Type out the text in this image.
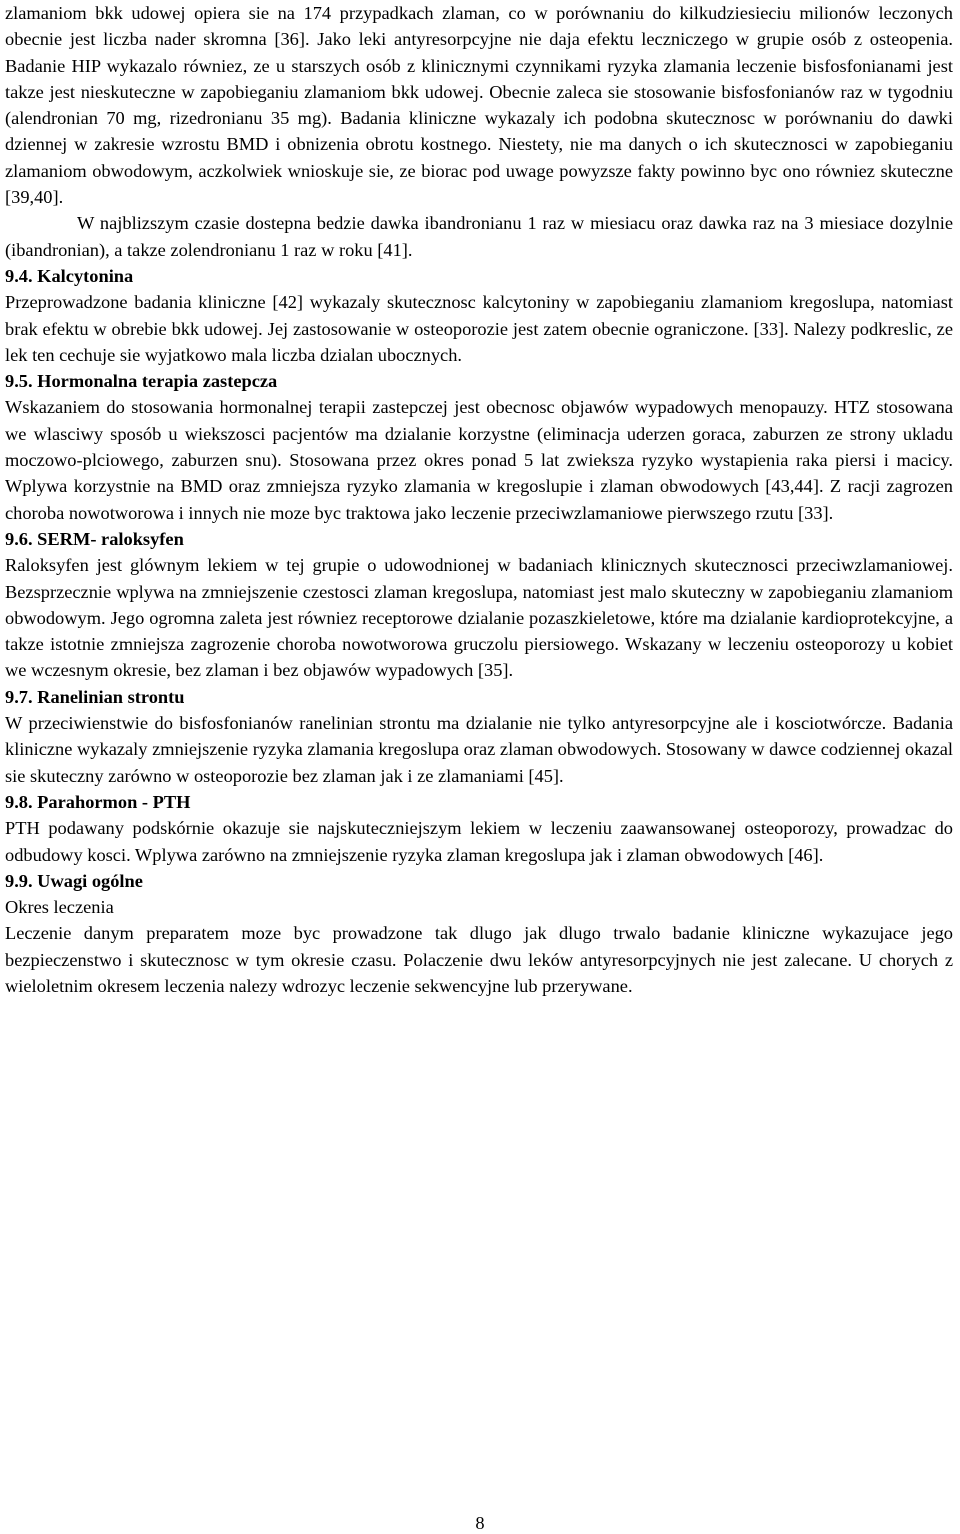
zlamaniom bkk udowej opiera sie na 174 przypadkach zlaman, co w porównaniu do kilkudziesieciu milionów leczonych obecnie jest liczba nader skromna [36]. Jako leki antyresorpcyjne nie daja efektu leczniczego w grupie osób z osteopenia. Badanie HIP wykazalo równiez, ze u starszych osób z klinicznymi czynnikami ryzyka zlamania leczenie bisfosfonianami jest takze jest nieskuteczne w zapobieganiu zlamaniom bkk udowej. Obecnie zaleca sie stosowanie bisfosfonianów raz w tygodniu (alendronian 70 mg, rizedronianu 35 mg). Badania kliniczne wykazaly ich podobna skutecznosc w porównaniu do dawki dziennej w zakresie wzrostu BMD i obnizenia obrotu kostnego. Niestety, nie ma danych o ich skutecznosci w zapobieganiu zlamaniom obwodowym, aczkolwiek wnioskuje sie, ze biorac pod uwage powyzsze fakty powinno byc ono równiez skuteczne [39,40].

W najblizszym czasie dostepna bedzie dawka ibandronianu 1 raz w miesiacu oraz dawka raz na 3 miesiace dozylnie (ibandronian), a takze zolendronianu 1 raz w roku [41].

9.4. Kalcytonina

Przeprowadzone badania kliniczne [42] wykazaly skutecznosc kalcytoniny w zapobieganiu zlamaniom kregoslupa, natomiast brak efektu w obrebie bkk udowej. Jej zastosowanie w osteoporozie jest zatem obecnie ograniczone. [33]. Nalezy podkreslic, ze lek ten cechuje sie wyjatkowo mala liczba dzialan ubocznych.

9.5. Hormonalna terapia zastepcza

Wskazaniem do stosowania hormonalnej terapii zastepczej jest obecnosc objawów wypadowych menopauzy. HTZ stosowana we wlasciwy sposób u wiekszosci pacjentów ma dzialanie korzystne (eliminacja uderzen goraca, zaburzen ze strony ukladu moczowo-plciowego, zaburzen snu). Stosowana przez okres ponad 5 lat zwieksza ryzyko wystapienia raka piersi i macicy. Wplywa korzystnie na BMD oraz zmniejsza ryzyko zlamania w kregoslupie i zlaman obwodowych [43,44]. Z racji zagrozen choroba nowotworowa i innych nie moze byc traktowa jako leczenie przeciwzlamaniowe pierwszego rzutu [33].

9.6. SERM- raloksyfen

Raloksyfen jest glównym lekiem w tej grupie o udowodnionej w badaniach klinicznych skutecznosci przeciwzlamaniowej. Bezsprzecznie wplywa na zmniejszenie czestosci zlaman kregoslupa, natomiast jest malo skuteczny w zapobieganiu zlamaniom obwodowym. Jego ogromna zaleta jest równiez receptorowe dzialanie pozaszkieletowe, które ma dzialanie kardioprotekcyjne, a takze istotnie zmniejsza zagrozenie choroba nowotworowa gruczolu piersiowego. Wskazany w leczeniu osteoporozy u kobiet we wczesnym okresie, bez zlaman i bez objawów wypadowych [35].

9.7. Ranelinian strontu

W przeciwienstwie do bisfosfonianów ranelinian strontu ma dzialanie nie tylko antyresorpcyjne ale i kosciotwórcze. Badania kliniczne wykazaly zmniejszenie ryzyka zlamania kregoslupa oraz zlaman obwodowych. Stosowany w dawce codziennej okazal sie skuteczny zarówno w osteoporozie bez zlaman jak i ze zlamaniami [45].

9.8. Parahormon - PTH

PTH podawany podskórnie okazuje sie najskuteczniejszym lekiem w leczeniu zaawansowanej osteoporozy, prowadzac do odbudowy kosci. Wplywa zarówno na zmniejszenie ryzyka zlaman kregoslupa jak i zlaman obwodowych [46].

9.9. Uwagi ogólne
Okres leczenia

Leczenie danym preparatem moze byc prowadzone tak dlugo jak dlugo trwalo badanie kliniczne wykazujace jego bezpieczenstwo i skutecznosc w tym okresie czasu. Polaczenie dwu leków antyresorpcyjnych nie jest zalecane. U chorych z wieloletnim okresem leczenia nalezy wdrozyc leczenie sekwencyjne lub przerywane.

8
